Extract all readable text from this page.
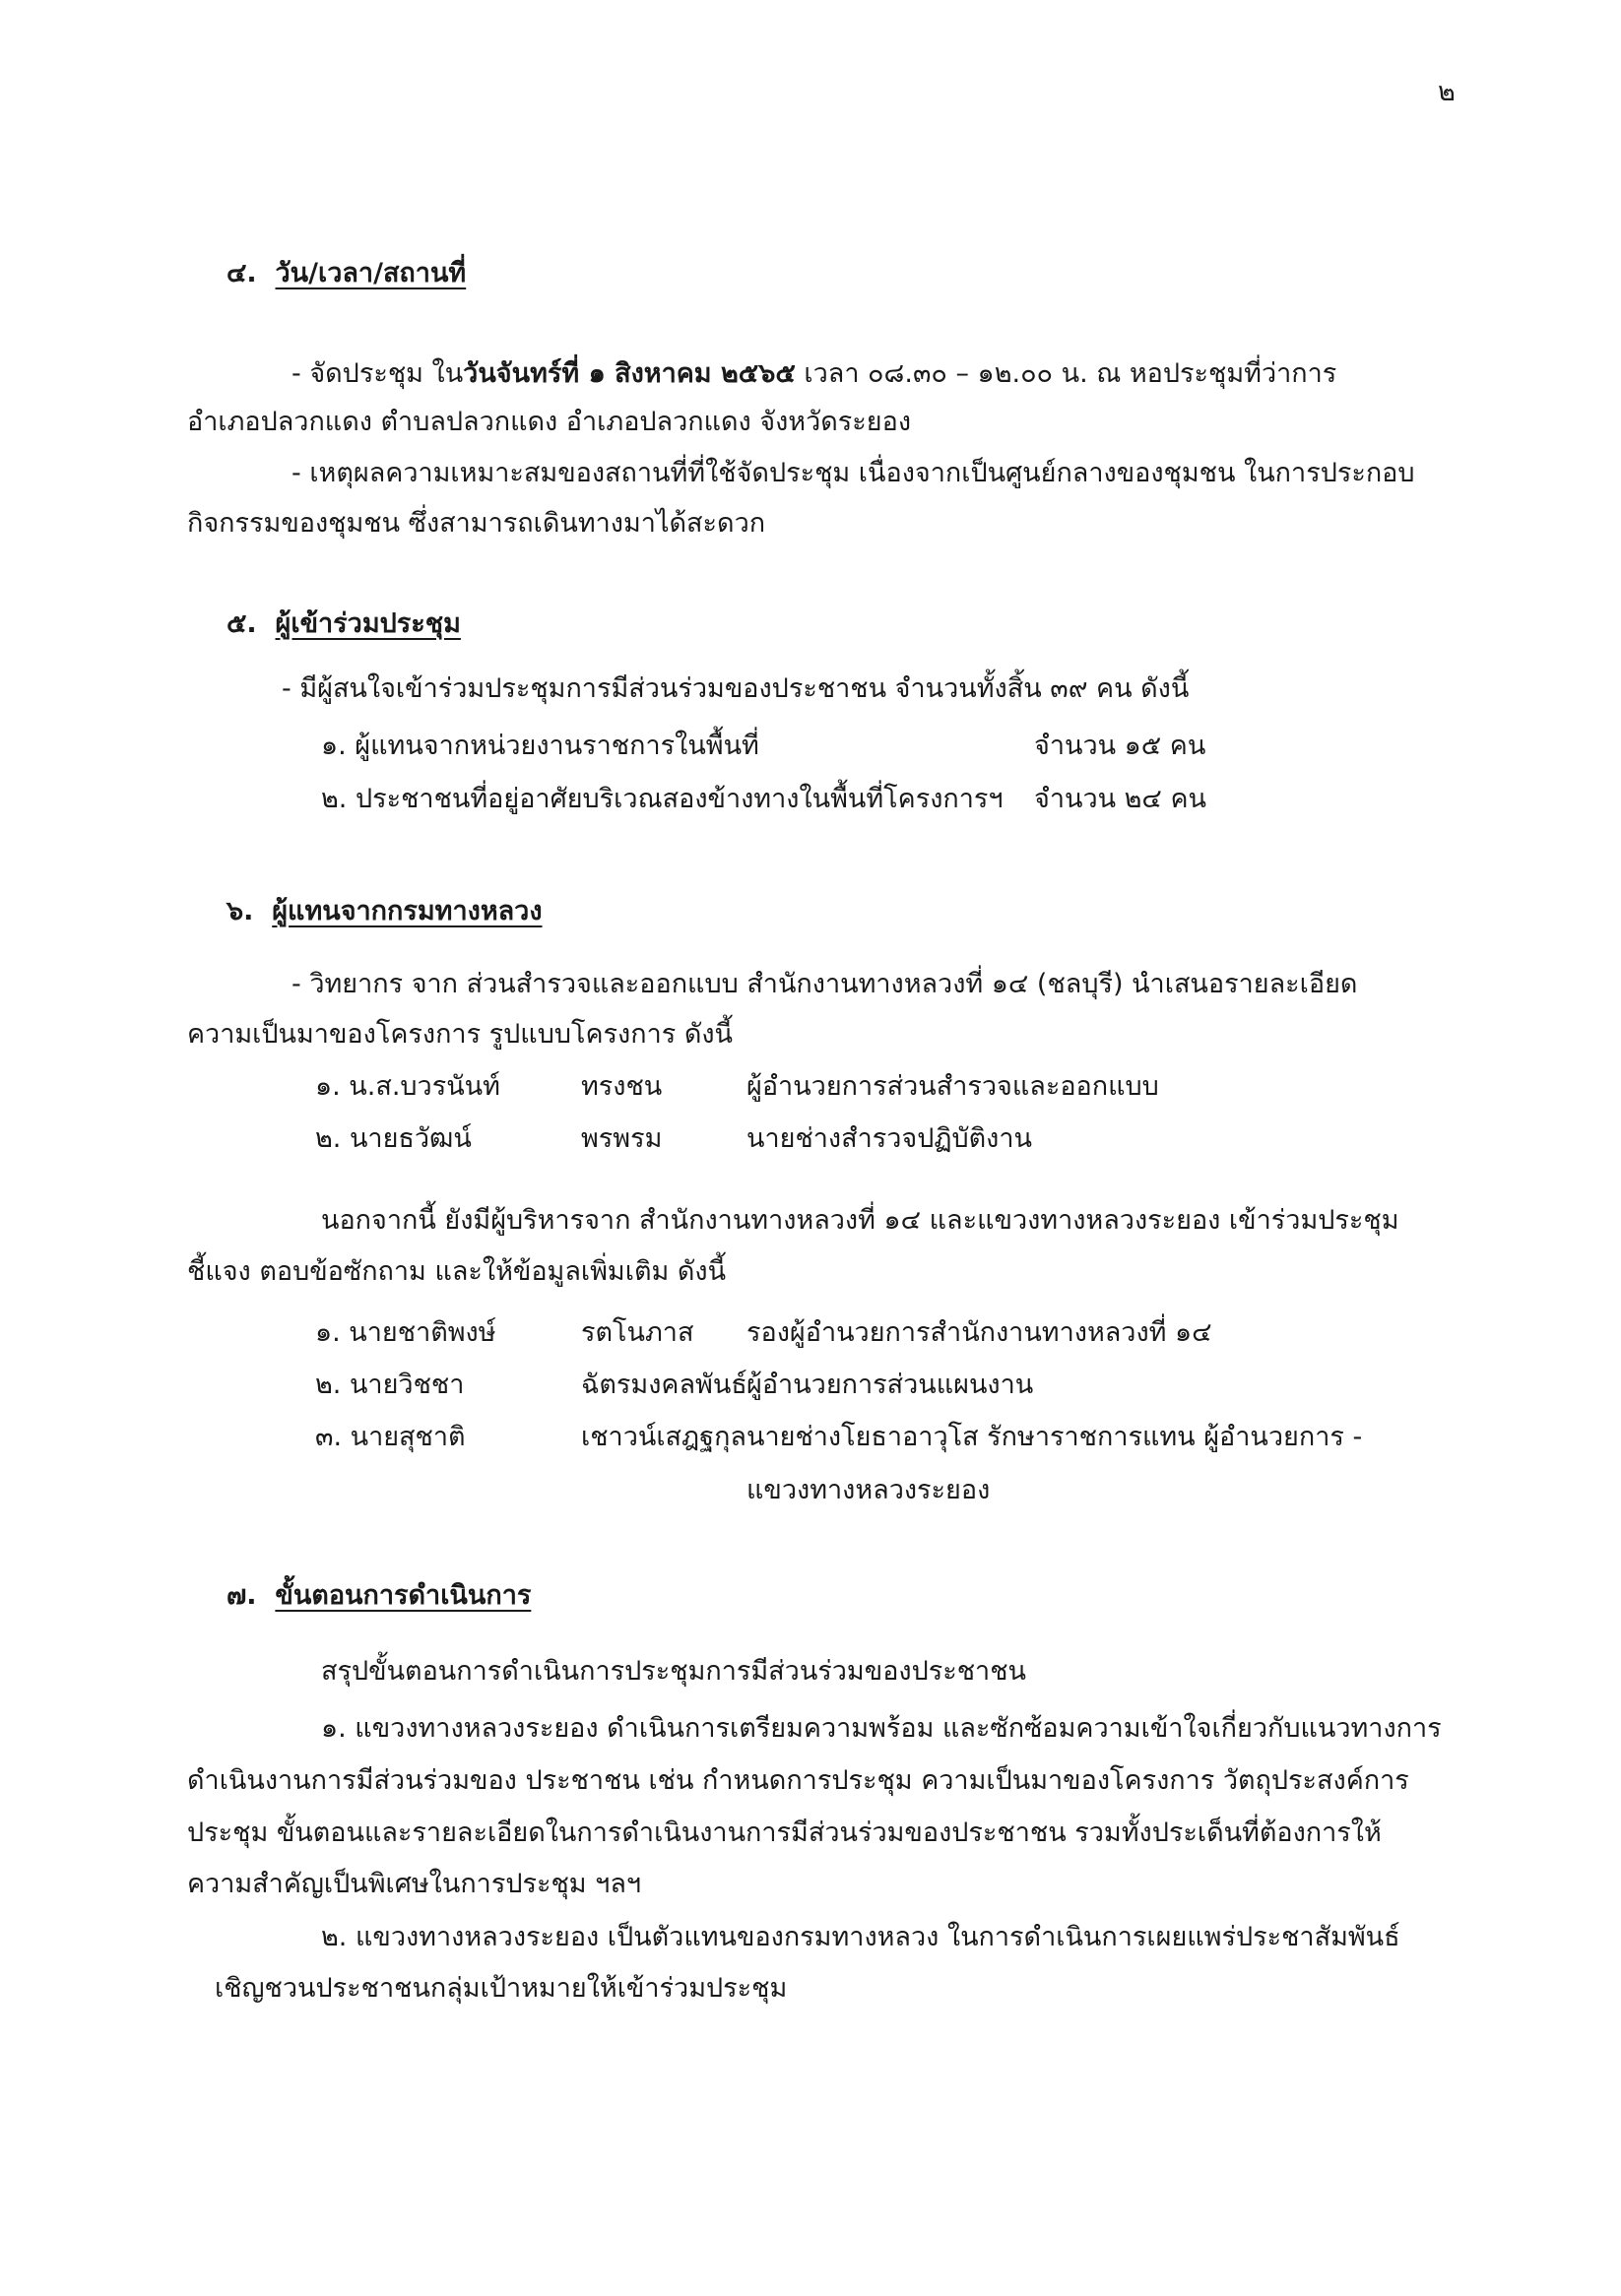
๒
๔. วัน/เวลา/สถานที่
- จัดประชุม ในวันจันทร์ที่ ๑ สิงหาคม ๒๕๖๕ เวลา ๐๘.๓๐ – ๑๒.๐๐ น. ณ หอประชุมที่ว่าการ
อำเภอปลวกแดง ตำบลปลวกแดง อำเภอปลวกแดง จังหวัดระยอง
- เหตุผลความเหมาะสมของสถานที่ที่ใช้จัดประชุม เนื่องจากเป็นศูนย์กลางของชุมชน ในการประกอบ
กิจกรรมของชุมชน ซึ่งสามารถเดินทางมาได้สะดวก
๕. ผู้เข้าร่วมประชุม
- มีผู้สนใจเข้าร่วมประชุมการมีส่วนร่วมของประชาชน จำนวนทั้งสิ้น ๓๙ คน ดังนี้
๑. ผู้แทนจากหน่วยงานราชการในพื้นที่	จำนวน ๑๕ คน
๒. ประชาชนที่อยู่อาศัยบริเวณสองข้างทางในพื้นที่โครงการฯ จำนวน ๒๔ คน
๖. ผู้แทนจากกรมทางหลวง
- วิทยากร จาก ส่วนสำรวจและออกแบบ สำนักงานทางหลวงที่ ๑๔ (ชลบุรี) นำเสนอรายละเอียด
ความเป็นมาของโครงการ รูปแบบโครงการ ดังนี้
๑. น.ส.บวรนันท์	ทรงชน	ผู้อำนวยการส่วนสำรวจและออกแบบ
๒. นายธวัฒน์	พรพรม	นายช่างสำรวจปฏิบัติงาน
นอกจากนี้ ยังมีผู้บริหารจาก สำนักงานทางหลวงที่ ๑๔ และแขวงทางหลวงระยอง เข้าร่วมประชุม
ชี้แจง ตอบข้อซักถาม และให้ข้อมูลเพิ่มเติม ดังนี้
๑. นายชาติพงษ์	รตโนภาส รองผู้อำนวยการสำนักงานทางหลวงที่ ๑๔
๒. นายวิชชา	ฉัตรมงคลพันธ์ ผู้อำนวยการส่วนแผนงาน
๓. นายสุชาติ	เชาวน์เสฎฐกุล นายช่างโยธาอาวุโส รักษาราชการแทน ผู้อำนวยการ -
แขวงทางหลวงระยอง
๗. ขั้นตอนการดำเนินการ
สรุปขั้นตอนการดำเนินการประชุมการมีส่วนร่วมของประชาชน
๑. แขวงทางหลวงระยอง ดำเนินการเตรียมความพร้อม และซักซ้อมความเข้าใจเกี่ยวกับแนวทางการ
ดำเนินงานการมีส่วนร่วมของ ประชาชน เช่น กำหนดการประชุม ความเป็นมาของโครงการ วัตถุประสงค์การ
ประชุม ขั้นตอนและรายละเอียดในการดำเนินงานการมีส่วนร่วมของประชาชน รวมทั้งประเด็นที่ต้องการให้
ความสำคัญเป็นพิเศษในการประชุม ฯลฯ
๒. แขวงทางหลวงระยอง เป็นตัวแทนของกรมทางหลวง ในการดำเนินการเผยแพร่ประชาสัมพันธ์
เชิญชวนประชาชนกลุ่มเป้าหมายให้เข้าร่วมประชุม
